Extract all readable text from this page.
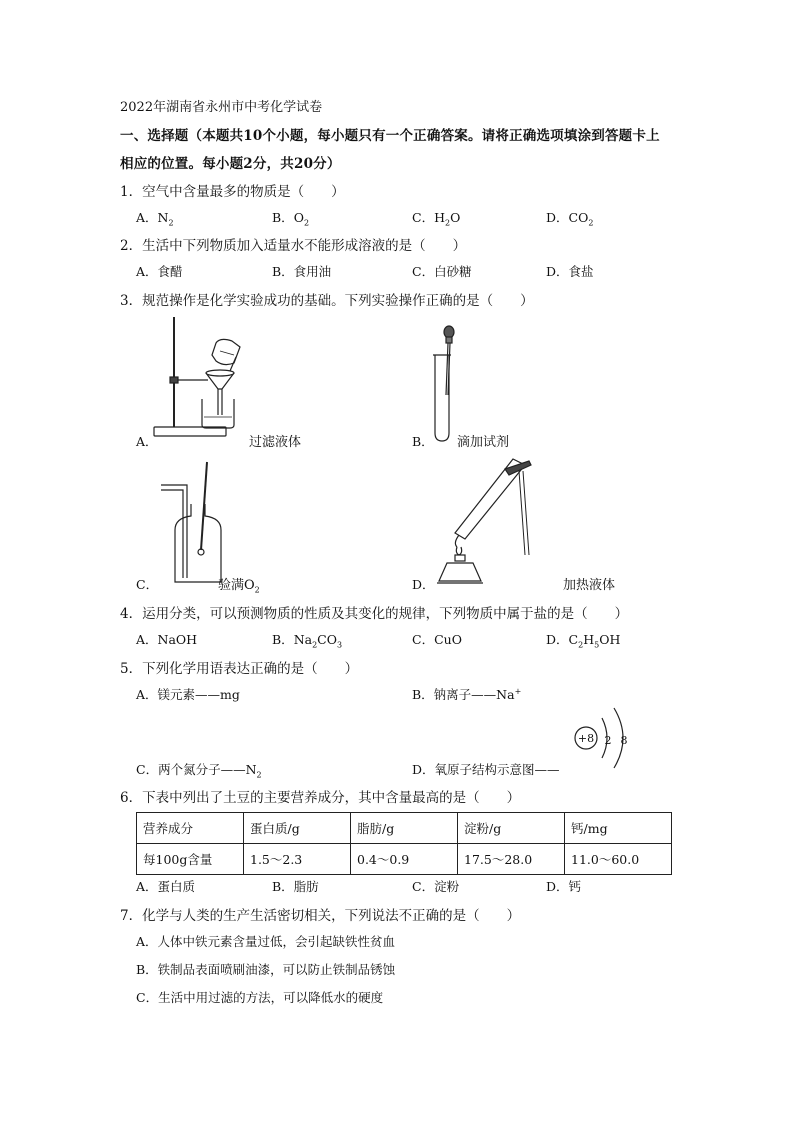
2022年湖南省永州市中考化学试卷
一、选择题（本题共10个小题，每小题只有一个正确答案。请将正确选项填涂到答题卡上
相应的位置。每小题2分，共20分）
1．空气中含量最多的物质是（　　）
A．$N_2$	B．$O_2$	C．$H_2O$	D．$CO_2$
2．生活中下列物质加入适量水不能形成溶液的是（　　）
A．食醋	B．食用油	C．白砂糖	D．食盐
3．规范操作是化学实验成功的基础。下列实验操作正确的是（　　）
A．	过滤液体	B． 滴加试剂
C．	验满$O_2$	D．	加热液体
4．运用分类，可以预测物质的性质及其变化的规律，下列物质中属于盐的是（　　）
A．NaOH	B．$Na_2CO_3$	C．CuO	D．$C_2H_5OH$
5．下列化学用语表达正确的是（　　）
A．镁元素——mg	B．钠离子——Na+
C．两个氮分子$——N_2$	D．氧原子结构示意图——
+8 2 8
6．下表中列出了土豆的主要营养成分，其中含量最高的是（　　）
营养成分	蛋白质/g	脂肪/g	淀粉/g	钙/mg
每100g含量	1.5～2.3	0.4～0.9	17.5～28.0	11.0～60.0
A．蛋白质	B．脂肪	C．淀粉	D．钙
7．化学与人类的生产生活密切相关，下列说法不正确的是（　　）
A．人体中铁元素含量过低，会引起缺铁性贫血
B．铁制品表面喷刷油漆，可以防止铁制品锈蚀
C．生活中用过滤的方法，可以降低水的硬度
